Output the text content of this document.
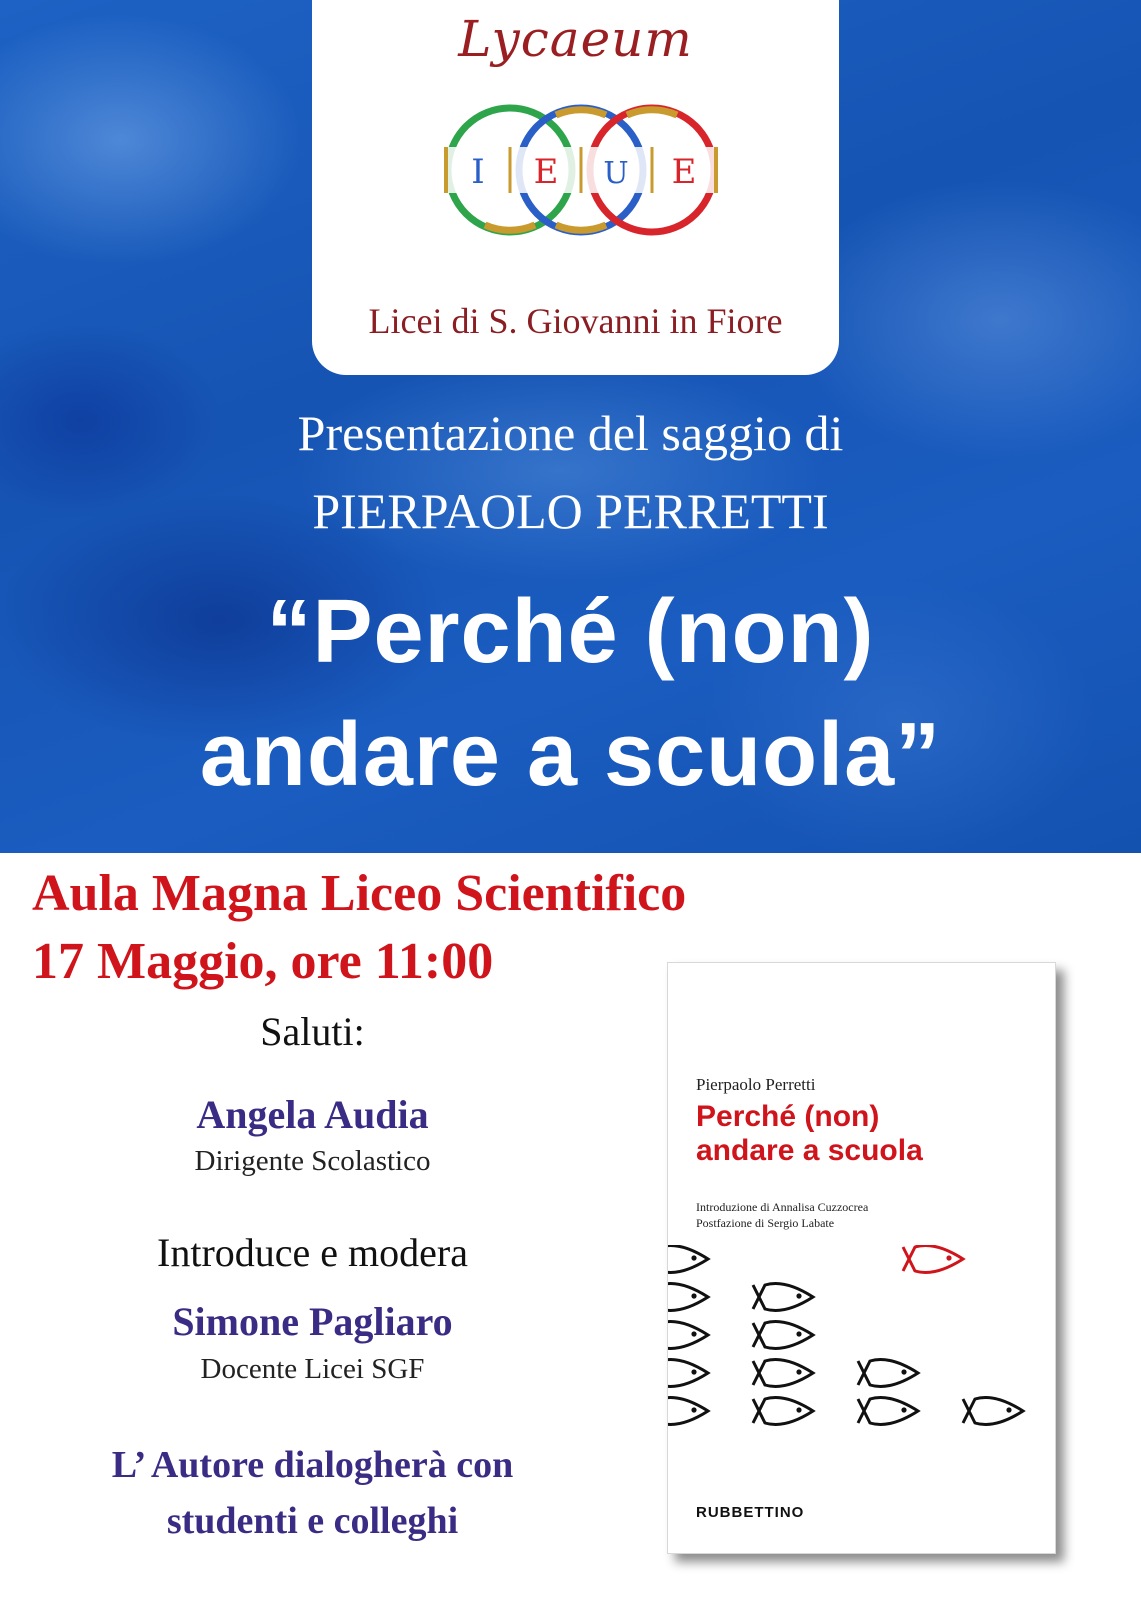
Lycaeum

I E U E

Licei di S. Giovanni in Fiore

Presentazione del saggio di

PIERPAOLO PERRETTI

“Perché (non)

andare a scuola”

Aula Magna Liceo Scientifico

17 Maggio, ore 11:00

Saluti:

Angela Audia

Dirigente Scolastico

Introduce e modera

Simone Pagliaro

Docente Licei SGF

L’ Autore dialogherà con

studenti e colleghi

Pierpaolo Perretti

Perché (non)

andare a scuola

Introduzione di Annalisa Cuzzocrea

Postfazione di Sergio Labate

RUBBETTINO
